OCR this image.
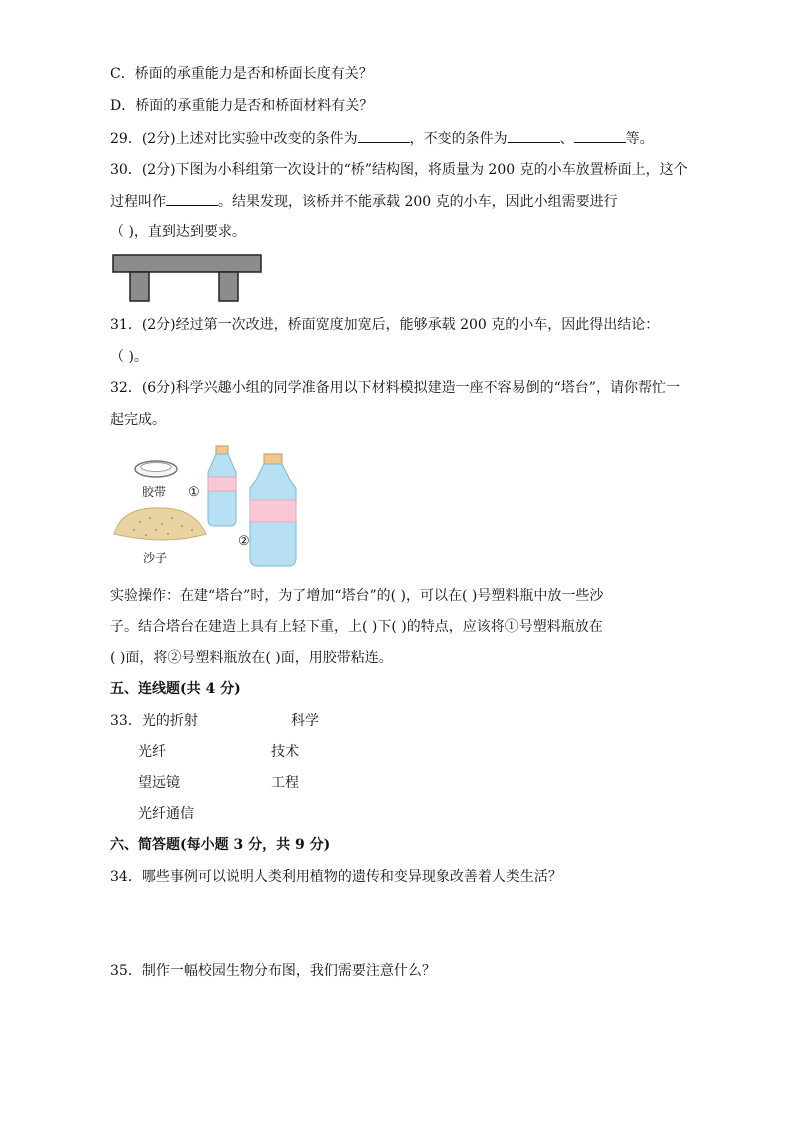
C．桥面的承重能力是否和桥面长度有关？
D．桥面的承重能力是否和桥面材料有关？
29．(2分)上述对比实验中改变的条件为	，不变的条件为	、	等。
30．(2分)下图为小科组第一次设计的“桥”结构图，将质量为 200 克的小车放置桥面上，这个
过程叫作	。结果发现，该桥并不能承载 200 克的小车，因此小组需要进行
（ )，直到达到要求。
31．(2分)经过第一次改进，桥面宽度加宽后，能够承载 200 克的小车，因此得出结论：
（ )。
32．(6分)科学兴趣小组的同学准备用以下材料模拟建造一座不容易倒的“塔台”，请你帮忙一
起完成。
胶带
沙子
①
②
实验操作：在建“塔台”时，为了增加“塔台”的( )，可以在( )号塑料瓶中放一些沙
子。结合塔台在建造上具有上轻下重，上( )下( )的特点，应该将①号塑料瓶放在
( )面，将②号塑料瓶放在( )面，用胶带粘连。
五、连线题(共 4 分)
33．光的折射	科学
光纤	技术
望远镜	工程
光纤通信
六、简答题(每小题 3 分，共 9 分)
34．哪些事例可以说明人类利用植物的遗传和变异现象改善着人类生活？
35．制作一幅校园生物分布图，我们需要注意什么？
